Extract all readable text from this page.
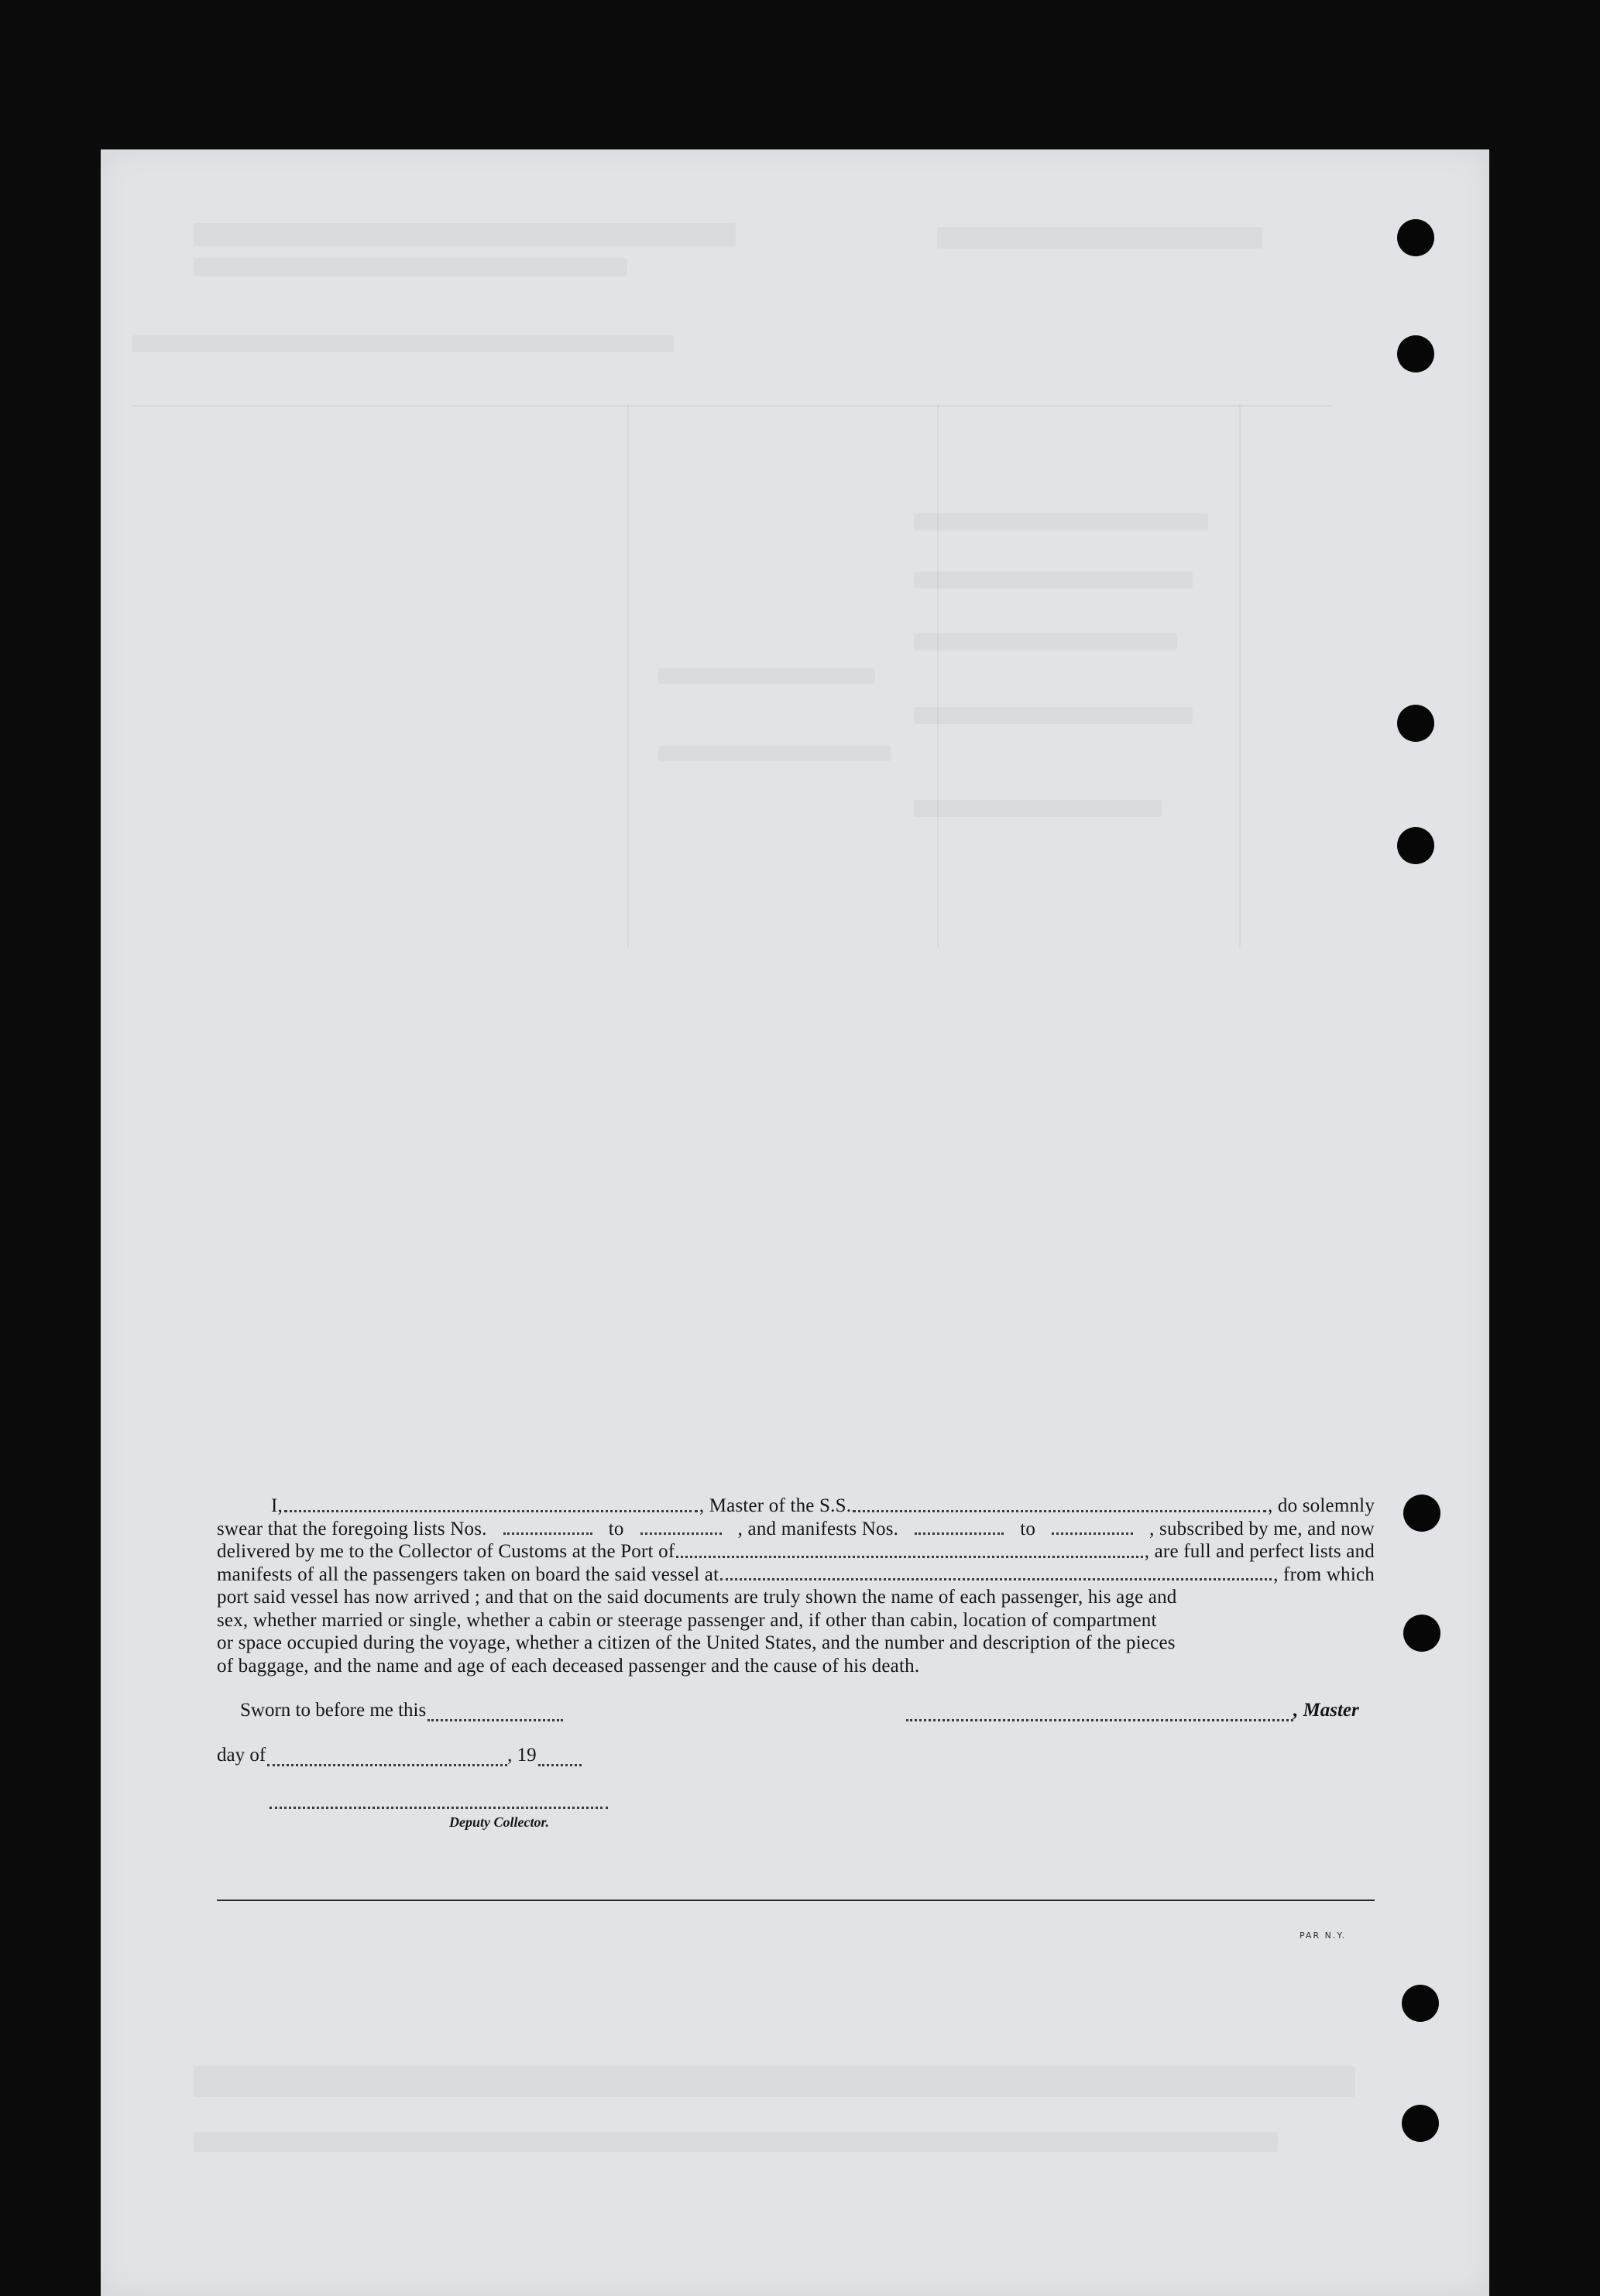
I,	, Master of the S.S.	, do solemnly
swear that the foregoing lists Nos.	to	, and manifests Nos.	to	, subscribed by me, and now
delivered by me to the Collector of Customs at the Port of	, are full and perfect lists and
manifests of all the passengers taken on board the said vessel at	, from which
port said vessel has now arrived ; and that on the said documents are truly shown the name of each passenger, his age and
sex, whether married or single, whether a cabin or steerage passenger and, if other than cabin, location of compartment
or space occupied during the voyage, whether a citizen of the United States, and the number and description of the pieces
of baggage, and the name and age of each deceased passenger and the cause of his death.
Sworn to before me this	, Master
day of	, 19
Deputy Collector.
PAR N.Y.
